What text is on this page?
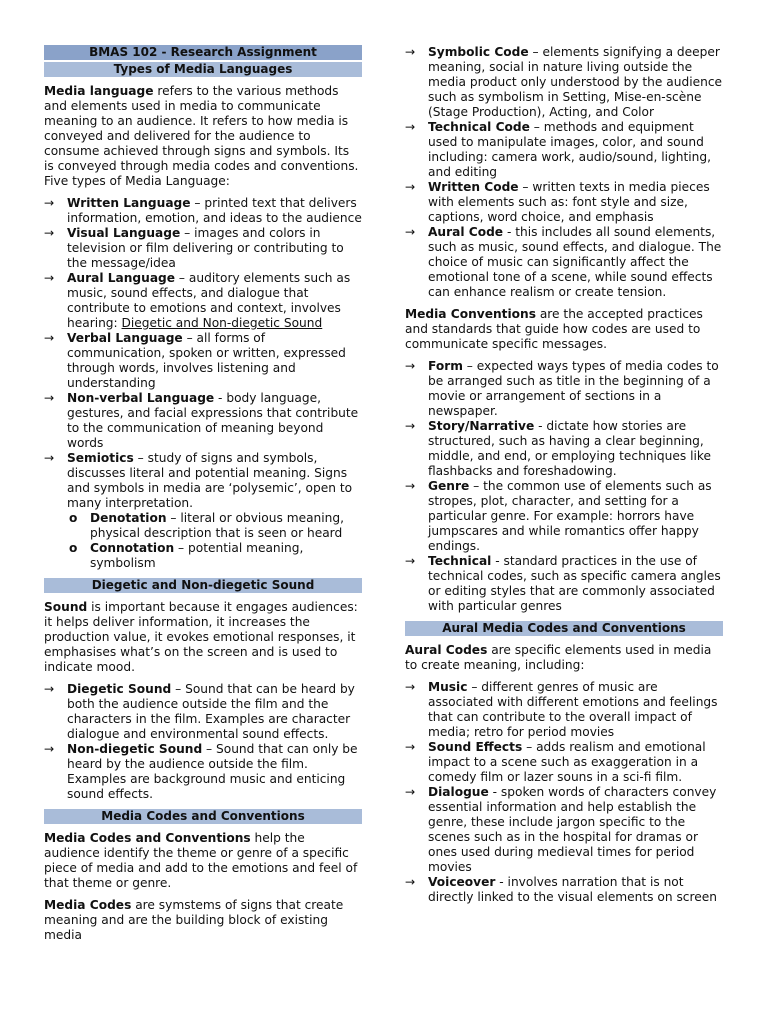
BMAS 102 - Research Assignment
Types of Media Languages

Media language refers to the various methods and elements used in media to communicate meaning to an audience. It refers to how media is conveyed and delivered for the audience to consume achieved through signs and symbols. Its is conveyed through media codes and conventions. Five types of Media Language:

→ Written Language – printed text that delivers information, emotion, and ideas to the audience
→ Visual Language – images and colors in television or film delivering or contributing to the message/idea
→ Aural Language – auditory elements such as music, sound effects, and dialogue that contribute to emotions and context, involves hearing: Diegetic and Non-diegetic Sound
→ Verbal Language – all forms of communication, spoken or written, expressed through words, involves listening and understanding
→ Non-verbal Language - body language, gestures, and facial expressions that contribute to the communication of meaning beyond words
→ Semiotics – study of signs and symbols, discusses literal and potential meaning. Signs and symbols in media are ‘polysemic’, open to many interpretation.
o Denotation – literal or obvious meaning, physical description that is seen or heard
o Connotation – potential meaning, symbolism
Diegetic and Non-diegetic Sound

Sound is important because it engages audiences: it helps deliver information, it increases the production value, it evokes emotional responses, it emphasises what’s on the screen and is used to indicate mood.

→ Diegetic Sound – Sound that can be heard by both the audience outside the film and the characters in the film. Examples are character dialogue and environmental sound effects.
→ Non-diegetic Sound – Sound that can only be heard by the audience outside the film. Examples are background music and enticing sound effects.
Media Codes and Conventions

Media Codes and Conventions help the audience identify the theme or genre of a specific piece of media and add to the emotions and feel of that theme or genre.

Media Codes are symstems of signs that create meaning and are the building block of existing media

→ Symbolic Code – elements signifying a deeper meaning, social in nature living outside the media product only understood by the audience such as symbolism in Setting, Mise-en-scène (Stage Production), Acting, and Color
→ Technical Code – methods and equipment used to manipulate images, color, and sound including: camera work, audio/sound, lighting, and editing
→ Written Code – written texts in media pieces with elements such as: font style and size, captions, word choice, and emphasis
→ Aural Code - this includes all sound elements, such as music, sound effects, and dialogue. The choice of music can significantly affect the emotional tone of a scene, while sound effects can enhance realism or create tension.

Media Conventions are the accepted practices and standards that guide how codes are used to communicate specific messages.

→ Form – expected ways types of media codes to be arranged such as title in the beginning of a movie or arrangement of sections in a newspaper.
→ Story/Narrative - dictate how stories are structured, such as having a clear beginning, middle, and end, or employing techniques like flashbacks and foreshadowing.
→ Genre – the common use of elements such as stropes, plot, character, and setting for a particular genre. For example: horrors have jumpscares and while romantics offer happy endings.
→ Technical - standard practices in the use of technical codes, such as specific camera angles or editing styles that are commonly associated with particular genres
Aural Media Codes and Conventions

Aural Codes are specific elements used in media to create meaning, including:

→ Music – different genres of music are associated with different emotions and feelings that can contribute to the overall impact of media; retro for period movies
→ Sound Effects – adds realism and emotional impact to a scene such as exaggeration in a comedy film or lazer souns in a sci-fi film.
→ Dialogue - spoken words of characters convey essential information and help establish the genre, these include jargon specific to the scenes such as in the hospital for dramas or ones used during medieval times for period movies
→ Voiceover - involves narration that is not directly linked to the visual elements on screen
